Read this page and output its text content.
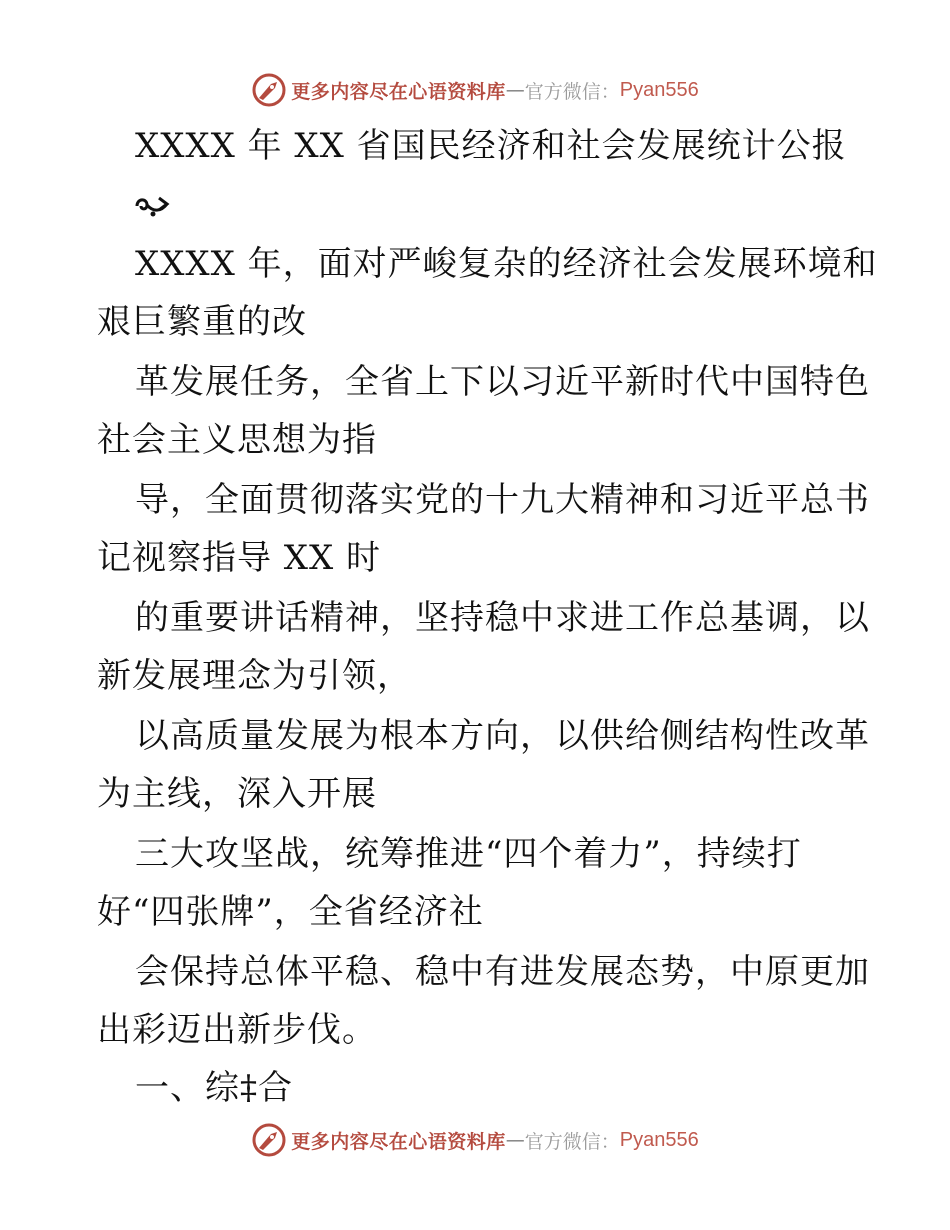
更多内容尽在心语资料库 — 官方微信： Pyan556
XXXX 年 XX 省国民经济和社会发展统计公报
XXXX 年，面对严峻复杂的经济社会发展环境和
艰巨繁重的改
革发展任务，全省上下以习近平新时代中国特色
社会主义思想为指
导，全面贯彻落实党的十九大精神和习近平总书
记视察指导 XX 时
的重要讲话精神，坚持稳中求进工作总基调，以
新发展理念为引领，
以高质量发展为根本方向，以供给侧结构性改革
为主线，深入开展
三大攻坚战，统筹推进“四个着力”，持续打
好“四张牌”，全省经济社
会保持总体平稳、稳中有进发展态势，中原更加
出彩迈出新步伐。
一、综‡合
更多内容尽在心语资料库 — 官方微信： Pyan556
